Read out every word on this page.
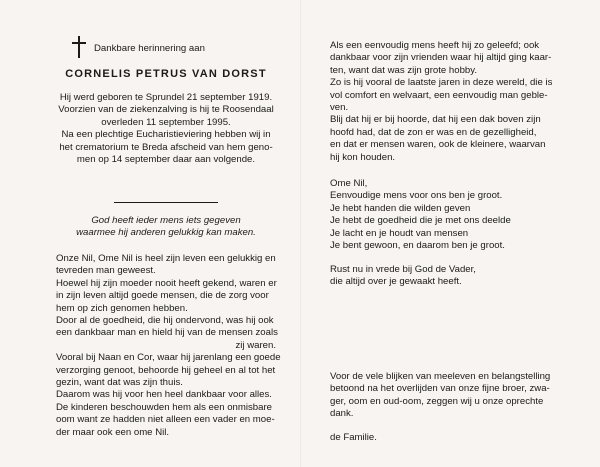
Dankbare herinnering aan
CORNELIS PETRUS VAN DORST
Hij werd geboren te Sprundel 21 september 1919.
Voorzien van de ziekenzalving is hij te Roosendaal
overleden 11 september 1995.
Na een plechtige Eucharistieviering hebben wij in
het crematorium te Breda afscheid van hem geno-
men op 14 september daar aan volgende.
God heeft ieder mens iets gegeven
waarmee hij anderen gelukkig kan maken.
Onze Nil, Ome Nil is heel zijn leven een gelukkig en
tevreden man geweest.
Hoewel hij zijn moeder nooit heeft gekend, waren er
in zijn leven altijd goede mensen, die de zorg voor
hem op zich genomen hebben.
Door al de goedheid, die hij ondervond, was hij ook
een dankbaar man en hield hij van de mensen zoals
zij waren.
Vooral bij Naan en Cor, waar hij jarenlang een goede
verzorging genoot, behoorde hij geheel en al tot het
gezin, want dat was zijn thuis.
Daarom was hij voor hen heel dankbaar voor alles.
De kinderen beschouwden hem als een onmisbare
oom want ze hadden niet alleen een vader en moe-
der maar ook een ome Nil.
Als een eenvoudig mens heeft hij zo geleefd; ook
dankbaar voor zijn vrienden waar hij altijd ging kaar-
ten, want dat was zijn grote hobby.
Zo is hij vooral de laatste jaren in deze wereld, die is
vol comfort en welvaart, een eenvoudig man geble-
ven.
Blij dat hij er bij hoorde, dat hij een dak boven zijn
hoofd had, dat de zon er was en de gezelligheid,
en dat er mensen waren, ook de kleinere, waarvan
hij kon houden.
Ome Nil,
Eenvoudige mens voor ons ben je groot.
Je hebt handen die wilden geven
Je hebt de goedheid die je met ons deelde
Je lacht en je houdt van mensen
Je bent gewoon, en daarom ben je groot.
Rust nu in vrede bij God de Vader,
die altijd over je gewaakt heeft.
Voor de vele blijken van meeleven en belangstelling
betoond na het overlijden van onze fijne broer, zwa-
ger, oom en oud-oom, zeggen wij u onze oprechte
dank.
de Familie.
